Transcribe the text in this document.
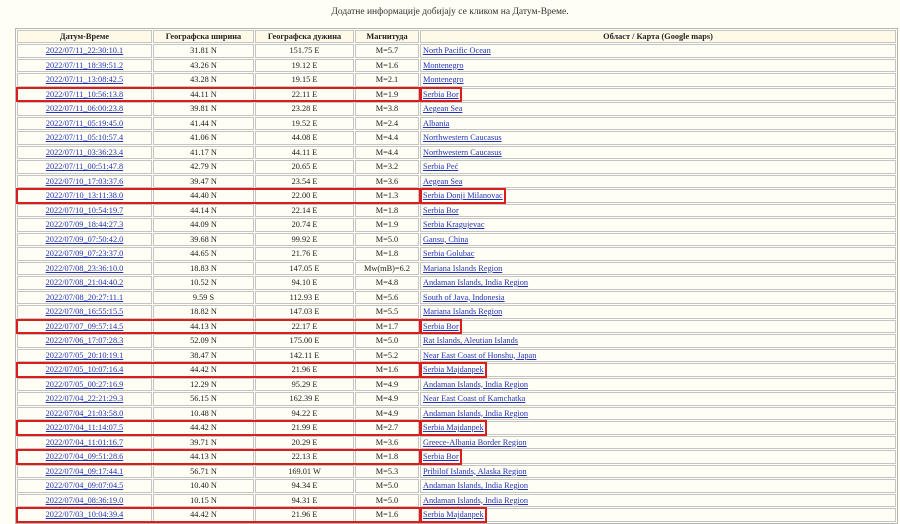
Додатне информације добијају се кликом на Датум-Време.
Датум-Време	Географска ширина	Географска дужина	Магнитуда	Област / Карта (Google maps)
2022/07/11_22:30:10.1	31.81 N	151.75 E	M=5.7	North Pacific Ocean
2022/07/11_18:39:51.2	43.26 N	19.12 E	M=1.6	Montenegro
2022/07/11_13:08:42.5	43.28 N	19.15 E	M=2.1	Montenegro
2022/07/11_10:56:13.8	44.11 N	22.11 E	M=1.9	Serbia Bor
2022/07/11_06:00:23.8	39.81 N	23.28 E	M=3.8	Aegean Sea
2022/07/11_05:19:45.0	41.44 N	19.52 E	M=2.4	Albania
2022/07/11_05:10:57.4	41.06 N	44.08 E	M=4.4	Northwestern Caucasus
2022/07/11_03:36:23.4	41.17 N	44.11 E	M=4.4	Northwestern Caucasus
2022/07/11_00:51:47.8	42.79 N	20.65 E	M=3.2	Serbia Peć
2022/07/10_17:03:37.6	39.47 N	23.54 E	M=3.6	Aegean Sea
2022/07/10_13:11:38.0	44.40 N	22.00 E	M=1.3	Serbia Donji Milanovac
2022/07/10_10:54:19.7	44.14 N	22.14 E	M=1.8	Serbia Bor
2022/07/09_18:44:27.3	44.09 N	20.74 E	M=1.9	Serbia Kragujevac
2022/07/09_07:50:42.0	39.68 N	99.92 E	M=5.0	Gansu, China
2022/07/09_07:23:37.0	44.65 N	21.76 E	M=1.8	Serbia Golubac
2022/07/08_23:36:10.0	18.83 N	147.05 E	Mw(mB)=6.2	Mariana Islands Region
2022/07/08_21:04:40.2	10.52 N	94.10 E	M=4.8	Andaman Islands, India Region
2022/07/08_20:27:11.1	9.59 S	112.93 E	M=5.6	South of Java, Indonesia
2022/07/08_16:55:15.5	18.82 N	147.03 E	M=5.5	Mariana Islands Region
2022/07/07_09:57:14.5	44.13 N	22.17 E	M=1.7	Serbia Bor
2022/07/06_17:07:28.3	52.09 N	175.00 E	M=5.0	Rat Islands, Aleutian Islands
2022/07/05_20:10:19.1	38.47 N	142.11 E	M=5.2	Near East Coast of Honshu, Japan
2022/07/05_10:07:16.4	44.42 N	21.96 E	M=1.6	Serbia Majdanpek
2022/07/05_00:27:16.9	12.29 N	95.29 E	M=4.9	Andaman Islands, India Region
2022/07/04_22:21:29.3	56.15 N	162.39 E	M=4.9	Near East Coast of Kamchatka
2022/07/04_21:03:58.0	10.48 N	94.22 E	M=4.9	Andaman Islands, India Region
2022/07/04_11:14:07.5	44.42 N	21.99 E	M=2.7	Serbia Majdanpek
2022/07/04_11:01:16.7	39.71 N	20.29 E	M=3.6	Greece-Albania Border Region
2022/07/04_09:51:28.6	44.13 N	22.13 E	M=1.8	Serbia Bor
2022/07/04_09:17:44.1	56.71 N	169.01 W	M=5.3	Pribilof Islands, Alaska Region
2022/07/04_09:07:04.5	10.40 N	94.34 E	M=5.0	Andaman Islands, India Region
2022/07/04_08:36:19.0	10.15 N	94.31 E	M=5.0	Andaman Islands, India Region
2022/07/03_10:04:39.4	44.42 N	21.96 E	M=1.6	Serbia Majdanpek
